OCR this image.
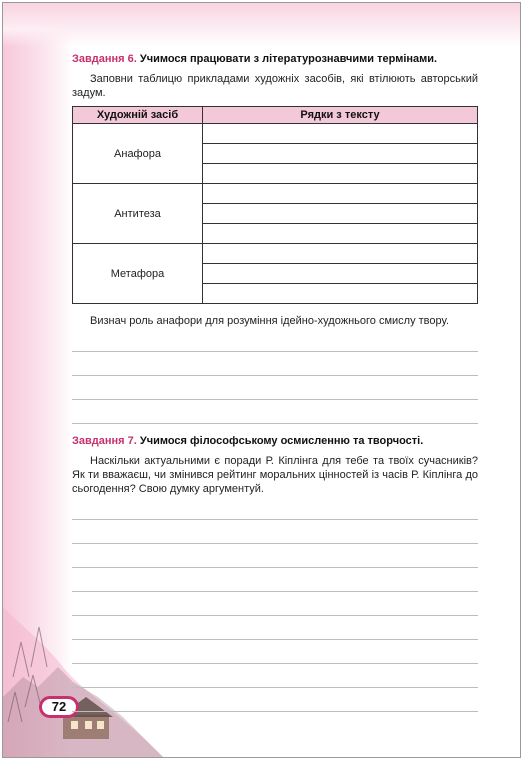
72

Завдання 6. Учимося працювати з літературознавчими термінами.

Заповни таблицю прикладами художніх засобів, які втілюють авторський задум.

Художній засіб	Рядки з тексту
Анафора	

Антитеза	

Метафора	

Визнач роль анафори для розуміння ідейно-художнього смислу твору.

Завдання 7. Учимося філософському осмисленню та творчості.

Наскільки актуальними є поради Р. Кіплінга для тебе та твоїх сучасників? Як ти вважаєш, чи змінився рейтинг моральних цінностей із часів Р. Кіплінга до сьогодення? Свою думку аргументуй.
